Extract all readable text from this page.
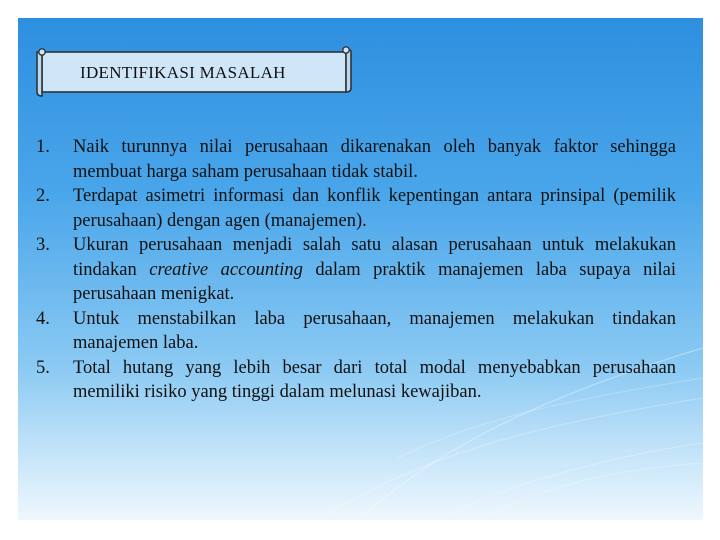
IDENTIFIKASI MASALAH
1.	Naik turunnya nilai perusahaan dikarenakan oleh banyak faktor sehingga membuat harga saham perusahaan tidak stabil.
2.	Terdapat asimetri informasi dan konflik kepentingan antara prinsipal (pemilik perusahaan) dengan agen (manajemen).
3.	Ukuran perusahaan menjadi salah satu alasan perusahaan untuk melakukan tindakan creative accounting dalam praktik manajemen laba supaya nilai perusahaan menigkat.
4.	Untuk menstabilkan laba perusahaan, manajemen melakukan tindakan manajemen laba.
5.	Total hutang yang lebih besar dari total modal menyebabkan perusahaan memiliki risiko yang tinggi dalam melunasi kewajiban.
